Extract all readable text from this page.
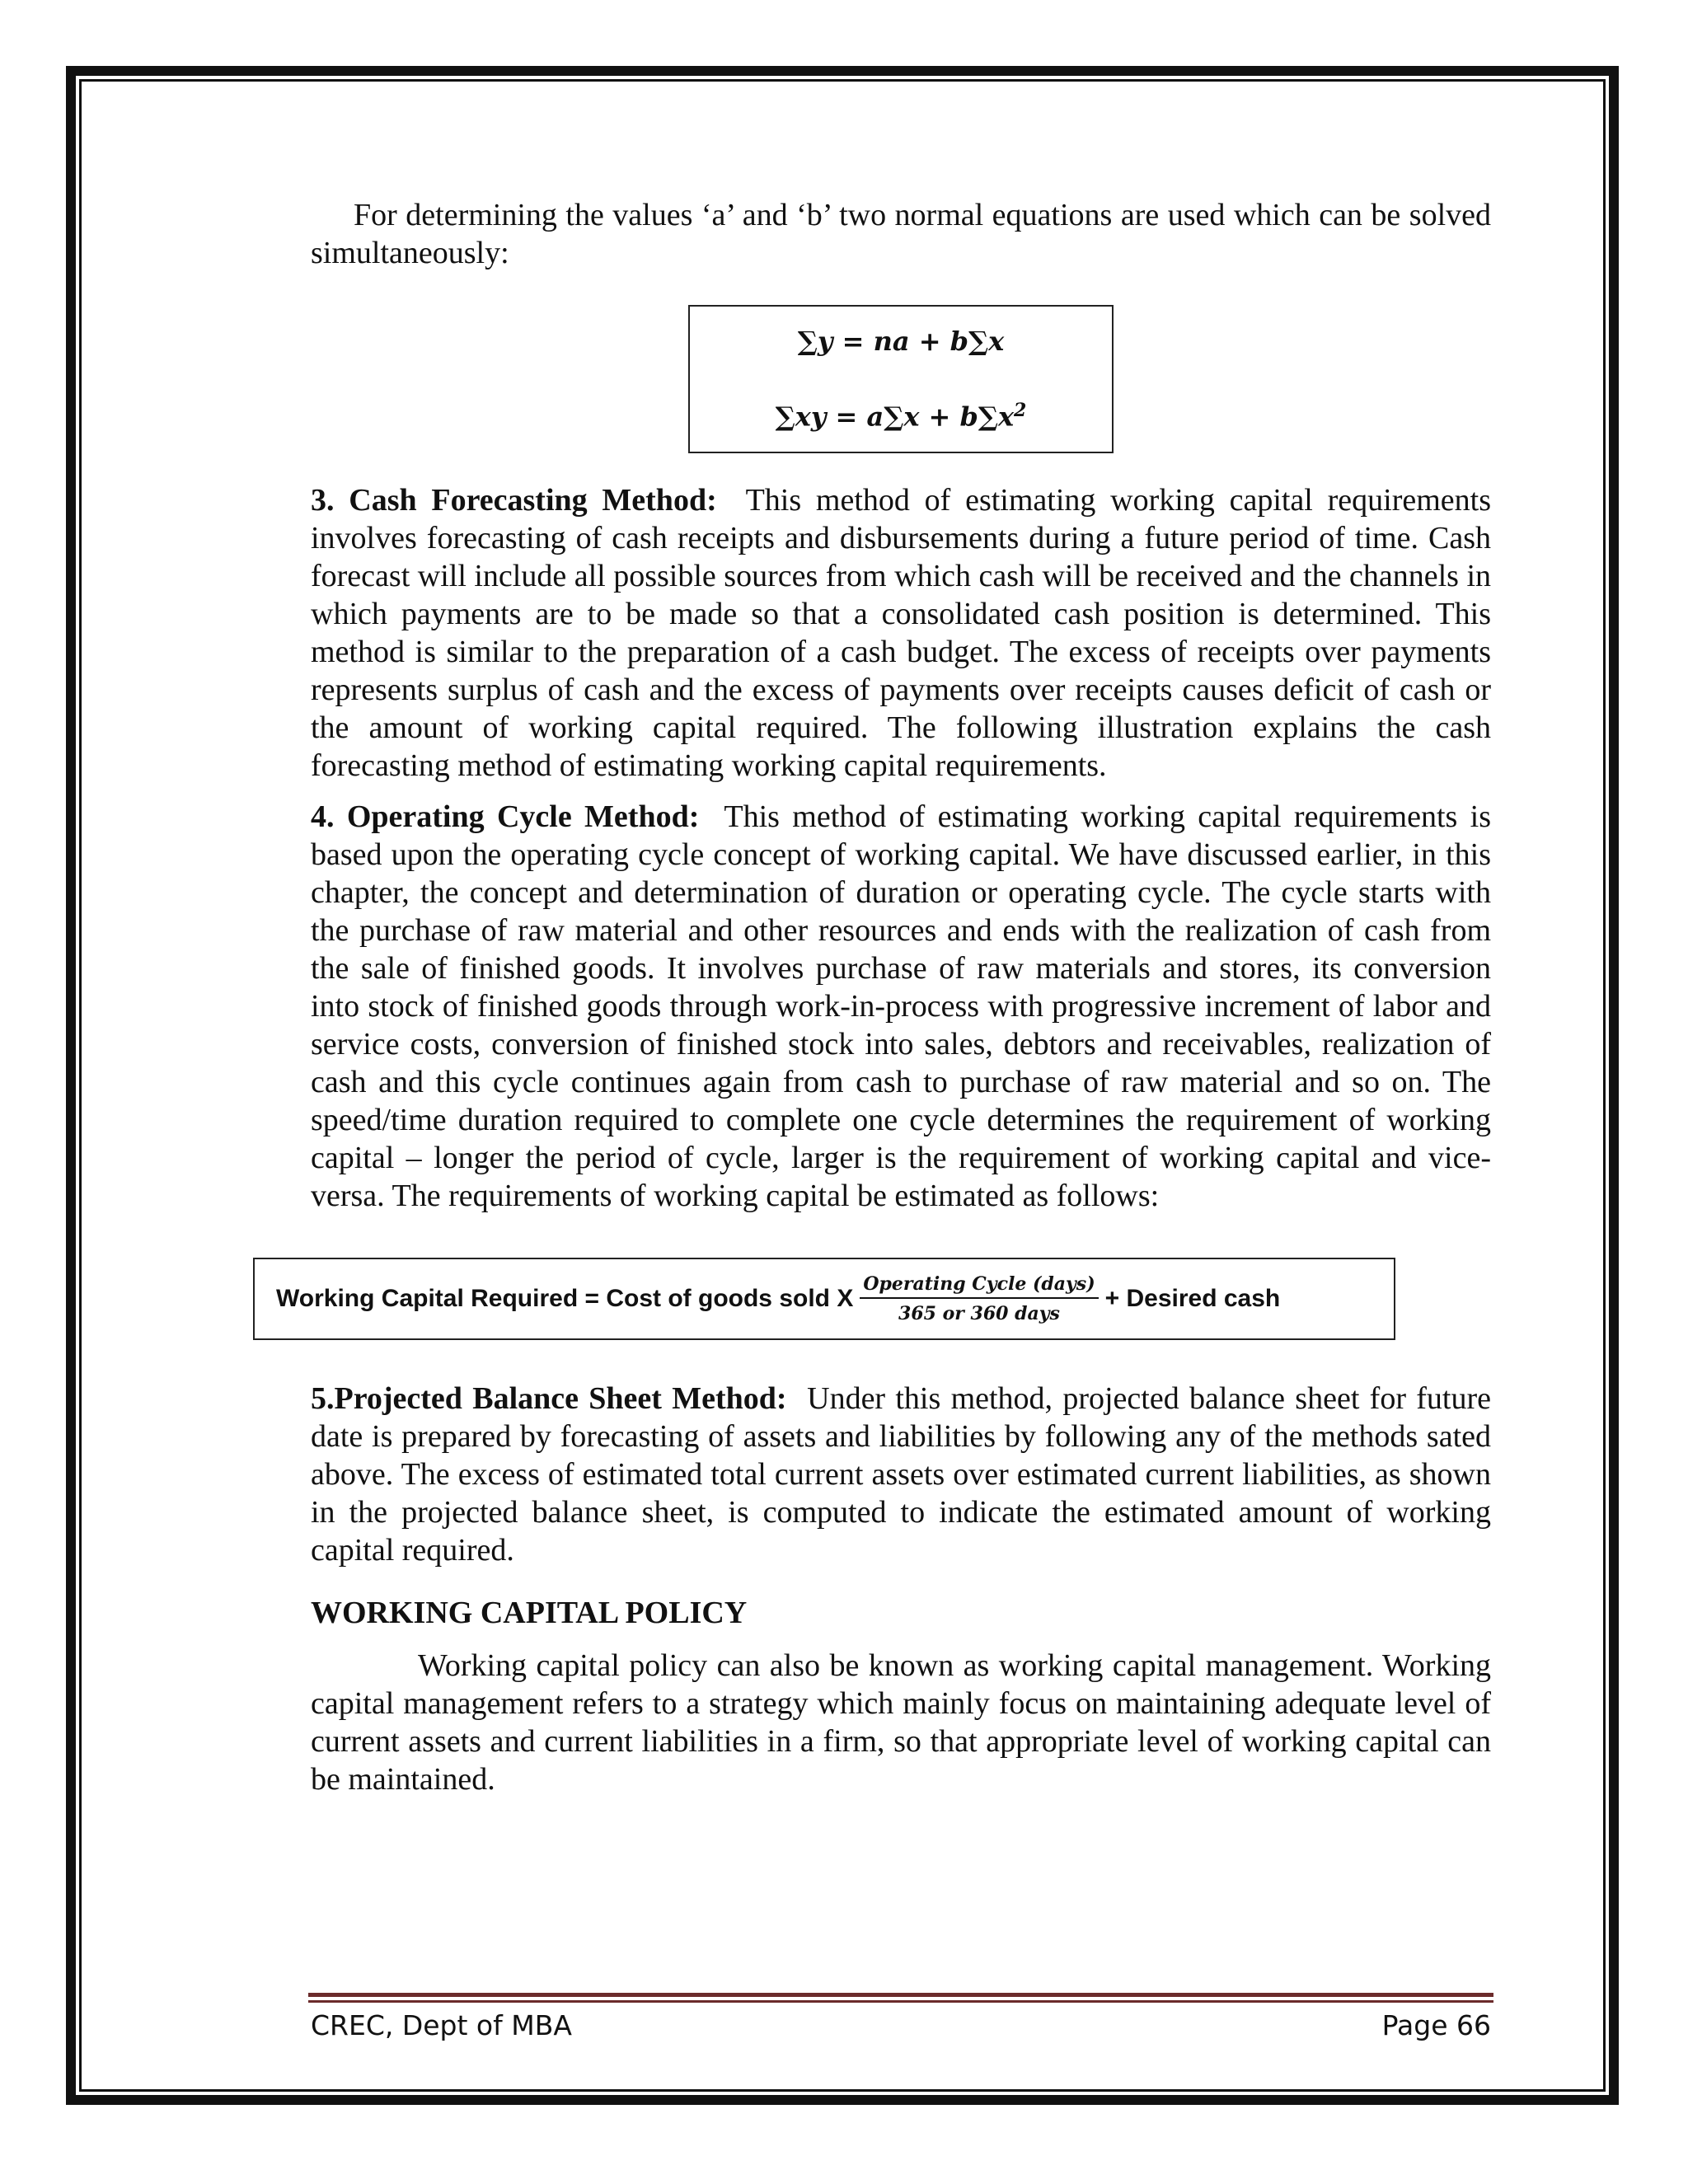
For determining the values ‘a’ and ‘b’ two normal equations are used which can be solved simultaneously:

∑y = na + b∑x
$\sum xy = a\sum x + b\sum x^2$

3. Cash Forecasting Method: This method of estimating working capital requirements involves forecasting of cash receipts and disbursements during a future period of time. Cash forecast will include all possible sources from which cash will be received and the channels in which payments are to be made so that a consolidated cash position is determined. This method is similar to the preparation of a cash budget. The excess of receipts over payments represents surplus of cash and the excess of payments over receipts causes deficit of cash or the amount of working capital required. The following illustration explains the cash forecasting method of estimating working capital requirements.

4. Operating Cycle Method: This method of estimating working capital requirements is based upon the operating cycle concept of working capital. We have discussed earlier, in this chapter, the concept and determination of duration or operating cycle. The cycle starts with the purchase of raw material and other resources and ends with the realization of cash from the sale of finished goods. It involves purchase of raw materials and stores, its conversion into stock of finished goods through work-in-process with progressive increment of labor and service costs, conversion of finished stock into sales, debtors and receivables, realization of cash and this cycle continues again from cash to purchase of raw material and so on. The speed/time duration required to complete one cycle determines the requirement of working capital – longer the period of cycle, larger is the requirement of working capital and vice-versa. The requirements of working capital be estimated as follows:

Working Capital Required = Cost of goods sold X $\frac{\text{Operating Cycle (days)}}{\text{365 or 360 days}}$ + Desired cash

5.Projected Balance Sheet Method: Under this method, projected balance sheet for future date is prepared by forecasting of assets and liabilities by following any of the methods sated above. The excess of estimated total current assets over estimated current liabilities, as shown in the projected balance sheet, is computed to indicate the estimated amount of working capital required.

WORKING CAPITAL POLICY

Working capital policy can also be known as working capital management. Working capital management refers to a strategy which mainly focus on maintaining adequate level of current assets and current liabilities in a firm, so that appropriate level of working capital can be maintained.

CREC, Dept of MBA	Page 66
